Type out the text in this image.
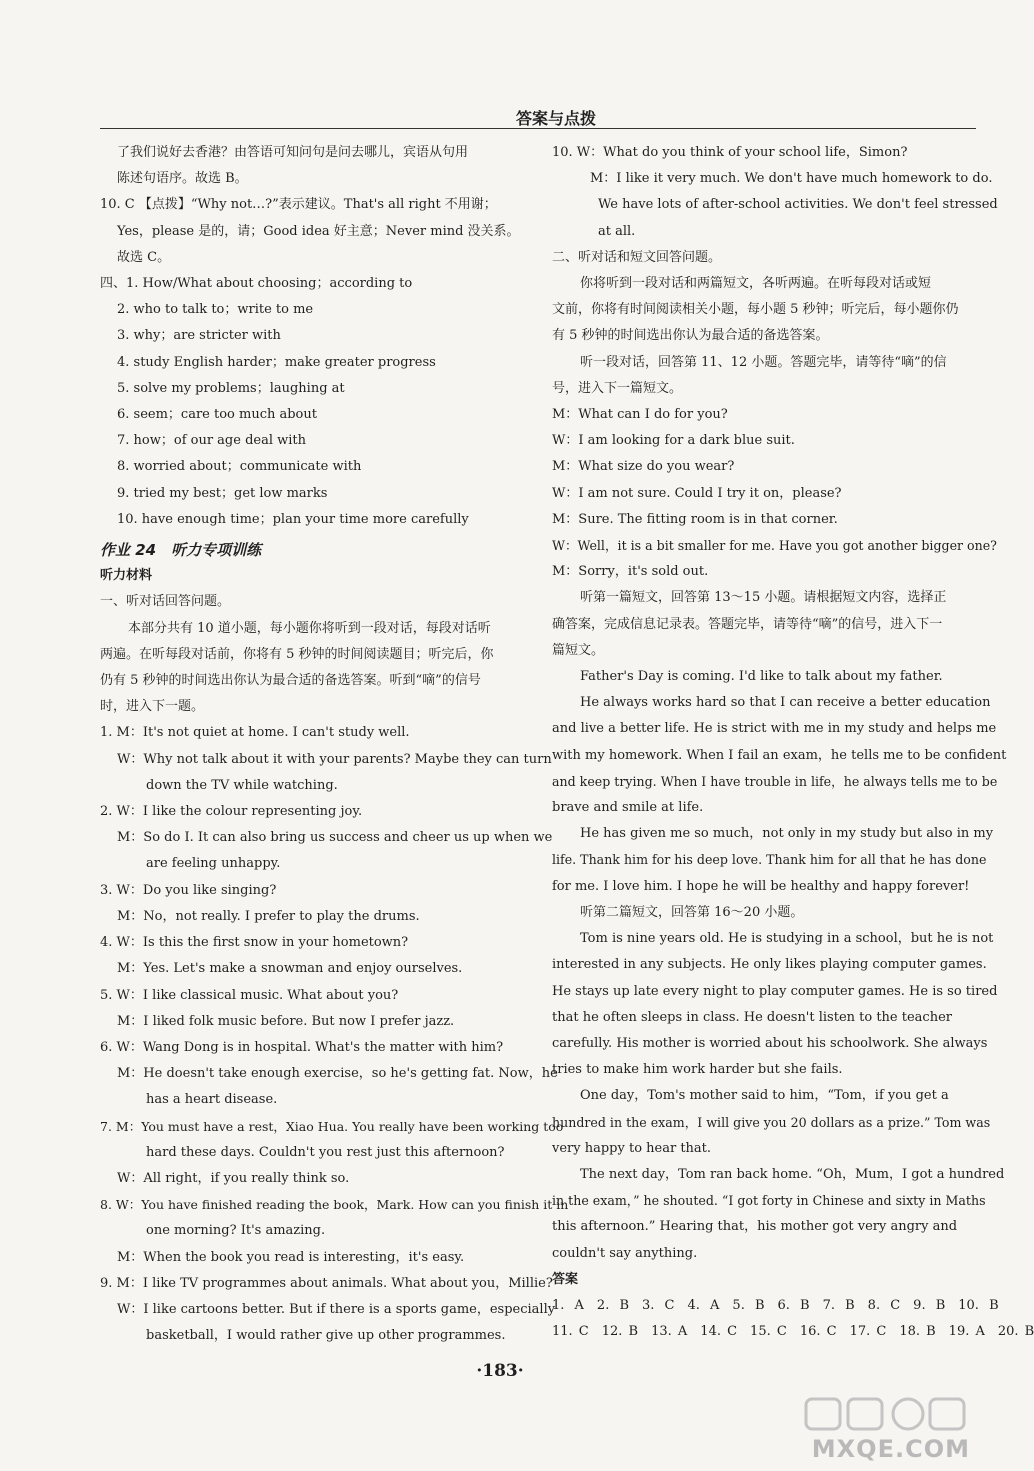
答案与点拨
了我们说好去香港？由答语可知问句是问去哪儿，宾语从句用
陈述句语序。故选 B。
10. C 【点拨】“Why not…?”表示建议。That's all right 不用谢；
Yes，please 是的，请；Good idea 好主意；Never mind 没关系。
故选 C。
四、1. How/What about choosing；according to
2. who to talk to；write to me
3. why；are stricter with
4. study English harder；make greater progress
5. solve my problems；laughing at
6. seem；care too much about
7. how；of our age deal with
8. worried about；communicate with
9. tried my best；get low marks
10. have enough time；plan your time more carefully
作业 24　听力专项训练
听力材料
一、听对话回答问题。
本部分共有 10 道小题，每小题你将听到一段对话，每段对话听
两遍。在听每段对话前，你将有 5 秒钟的时间阅读题目；听完后，你
仍有 5 秒钟的时间选出你认为最合适的备选答案。听到“嘀”的信号
时，进入下一题。
1. M：It's not quiet at home. I can't study well.
W：Why not talk about it with your parents? Maybe they can turn
down the TV while watching.
2. W：I like the colour representing joy.
M：So do I. It can also bring us success and cheer us up when we
are feeling unhappy.
3. W：Do you like singing?
M：No，not really. I prefer to play the drums.
4. W：Is this the first snow in your hometown?
M：Yes. Let's make a snowman and enjoy ourselves.
5. W：I like classical music. What about you?
M：I liked folk music before. But now I prefer jazz.
6. W：Wang Dong is in hospital. What's the matter with him?
M：He doesn't take enough exercise，so he's getting fat. Now，he
has a heart disease.
7. M：You must have a rest，Xiao Hua. You really have been working too
hard these days. Couldn't you rest just this afternoon?
W：All right，if you really think so.
8. W：You have finished reading the book，Mark. How can you finish it in
one morning? It's amazing.
M：When the book you read is interesting，it's easy.
9. M：I like TV programmes about animals. What about you，Millie?
W：I like cartoons better. But if there is a sports game，especially
basketball，I would rather give up other programmes.
10. W：What do you think of your school life，Simon?
M：I like it very much. We don't have much homework to do.
We have lots of after-school activities. We don't feel stressed
at all.
二、听对话和短文回答问题。
你将听到一段对话和两篇短文，各听两遍。在听每段对话或短
文前，你将有时间阅读相关小题，每小题 5 秒钟；听完后，每小题你仍
有 5 秒钟的时间选出你认为最合适的备选答案。
听一段对话，回答第 11、12 小题。答题完毕，请等待“嘀”的信
号，进入下一篇短文。
M：What can I do for you?
W：I am looking for a dark blue suit.
M：What size do you wear?
W：I am not sure. Could I try it on，please?
M：Sure. The fitting room is in that corner.
W：Well，it is a bit smaller for me. Have you got another bigger one?
M：Sorry，it's sold out.
听第一篇短文，回答第 13～15 小题。请根据短文内容，选择正
确答案，完成信息记录表。答题完毕，请等待“嘀”的信号，进入下一
篇短文。
Father's Day is coming. I'd like to talk about my father.
He always works hard so that I can receive a better education
and live a better life. He is strict with me in my study and helps me
with my homework. When I fail an exam，he tells me to be confident
and keep trying. When I have trouble in life，he always tells me to be
brave and smile at life.
He has given me so much，not only in my study but also in my
life. Thank him for his deep love. Thank him for all that he has done
for me. I love him. I hope he will be healthy and happy forever!
听第二篇短文，回答第 16～20 小题。
Tom is nine years old. He is studying in a school，but he is not
interested in any subjects. He only likes playing computer games.
He stays up late every night to play computer games. He is so tired
that he often sleeps in class. He doesn't listen to the teacher
carefully. His mother is worried about his schoolwork. She always
tries to make him work harder but she fails.
One day，Tom's mother said to him，“Tom，if you get a
hundred in the exam，I will give you 20 dollars as a prize.” Tom was
very happy to hear that.
The next day，Tom ran back home. “Oh，Mum，I got a hundred
in the exam，” he shouted. “I got forty in Chinese and sixty in Maths
this afternoon.” Hearing that，his mother got very angry and
couldn't say anything.
答案
1. A　2. B　3. C　4. A　5. B　6. B　7. B　8. C　9. B　10. B
11. C　12. B　13. A　14. C　15. C　16. C　17. C　18. B　19. A　20. B
·183·
MXQE.COM
